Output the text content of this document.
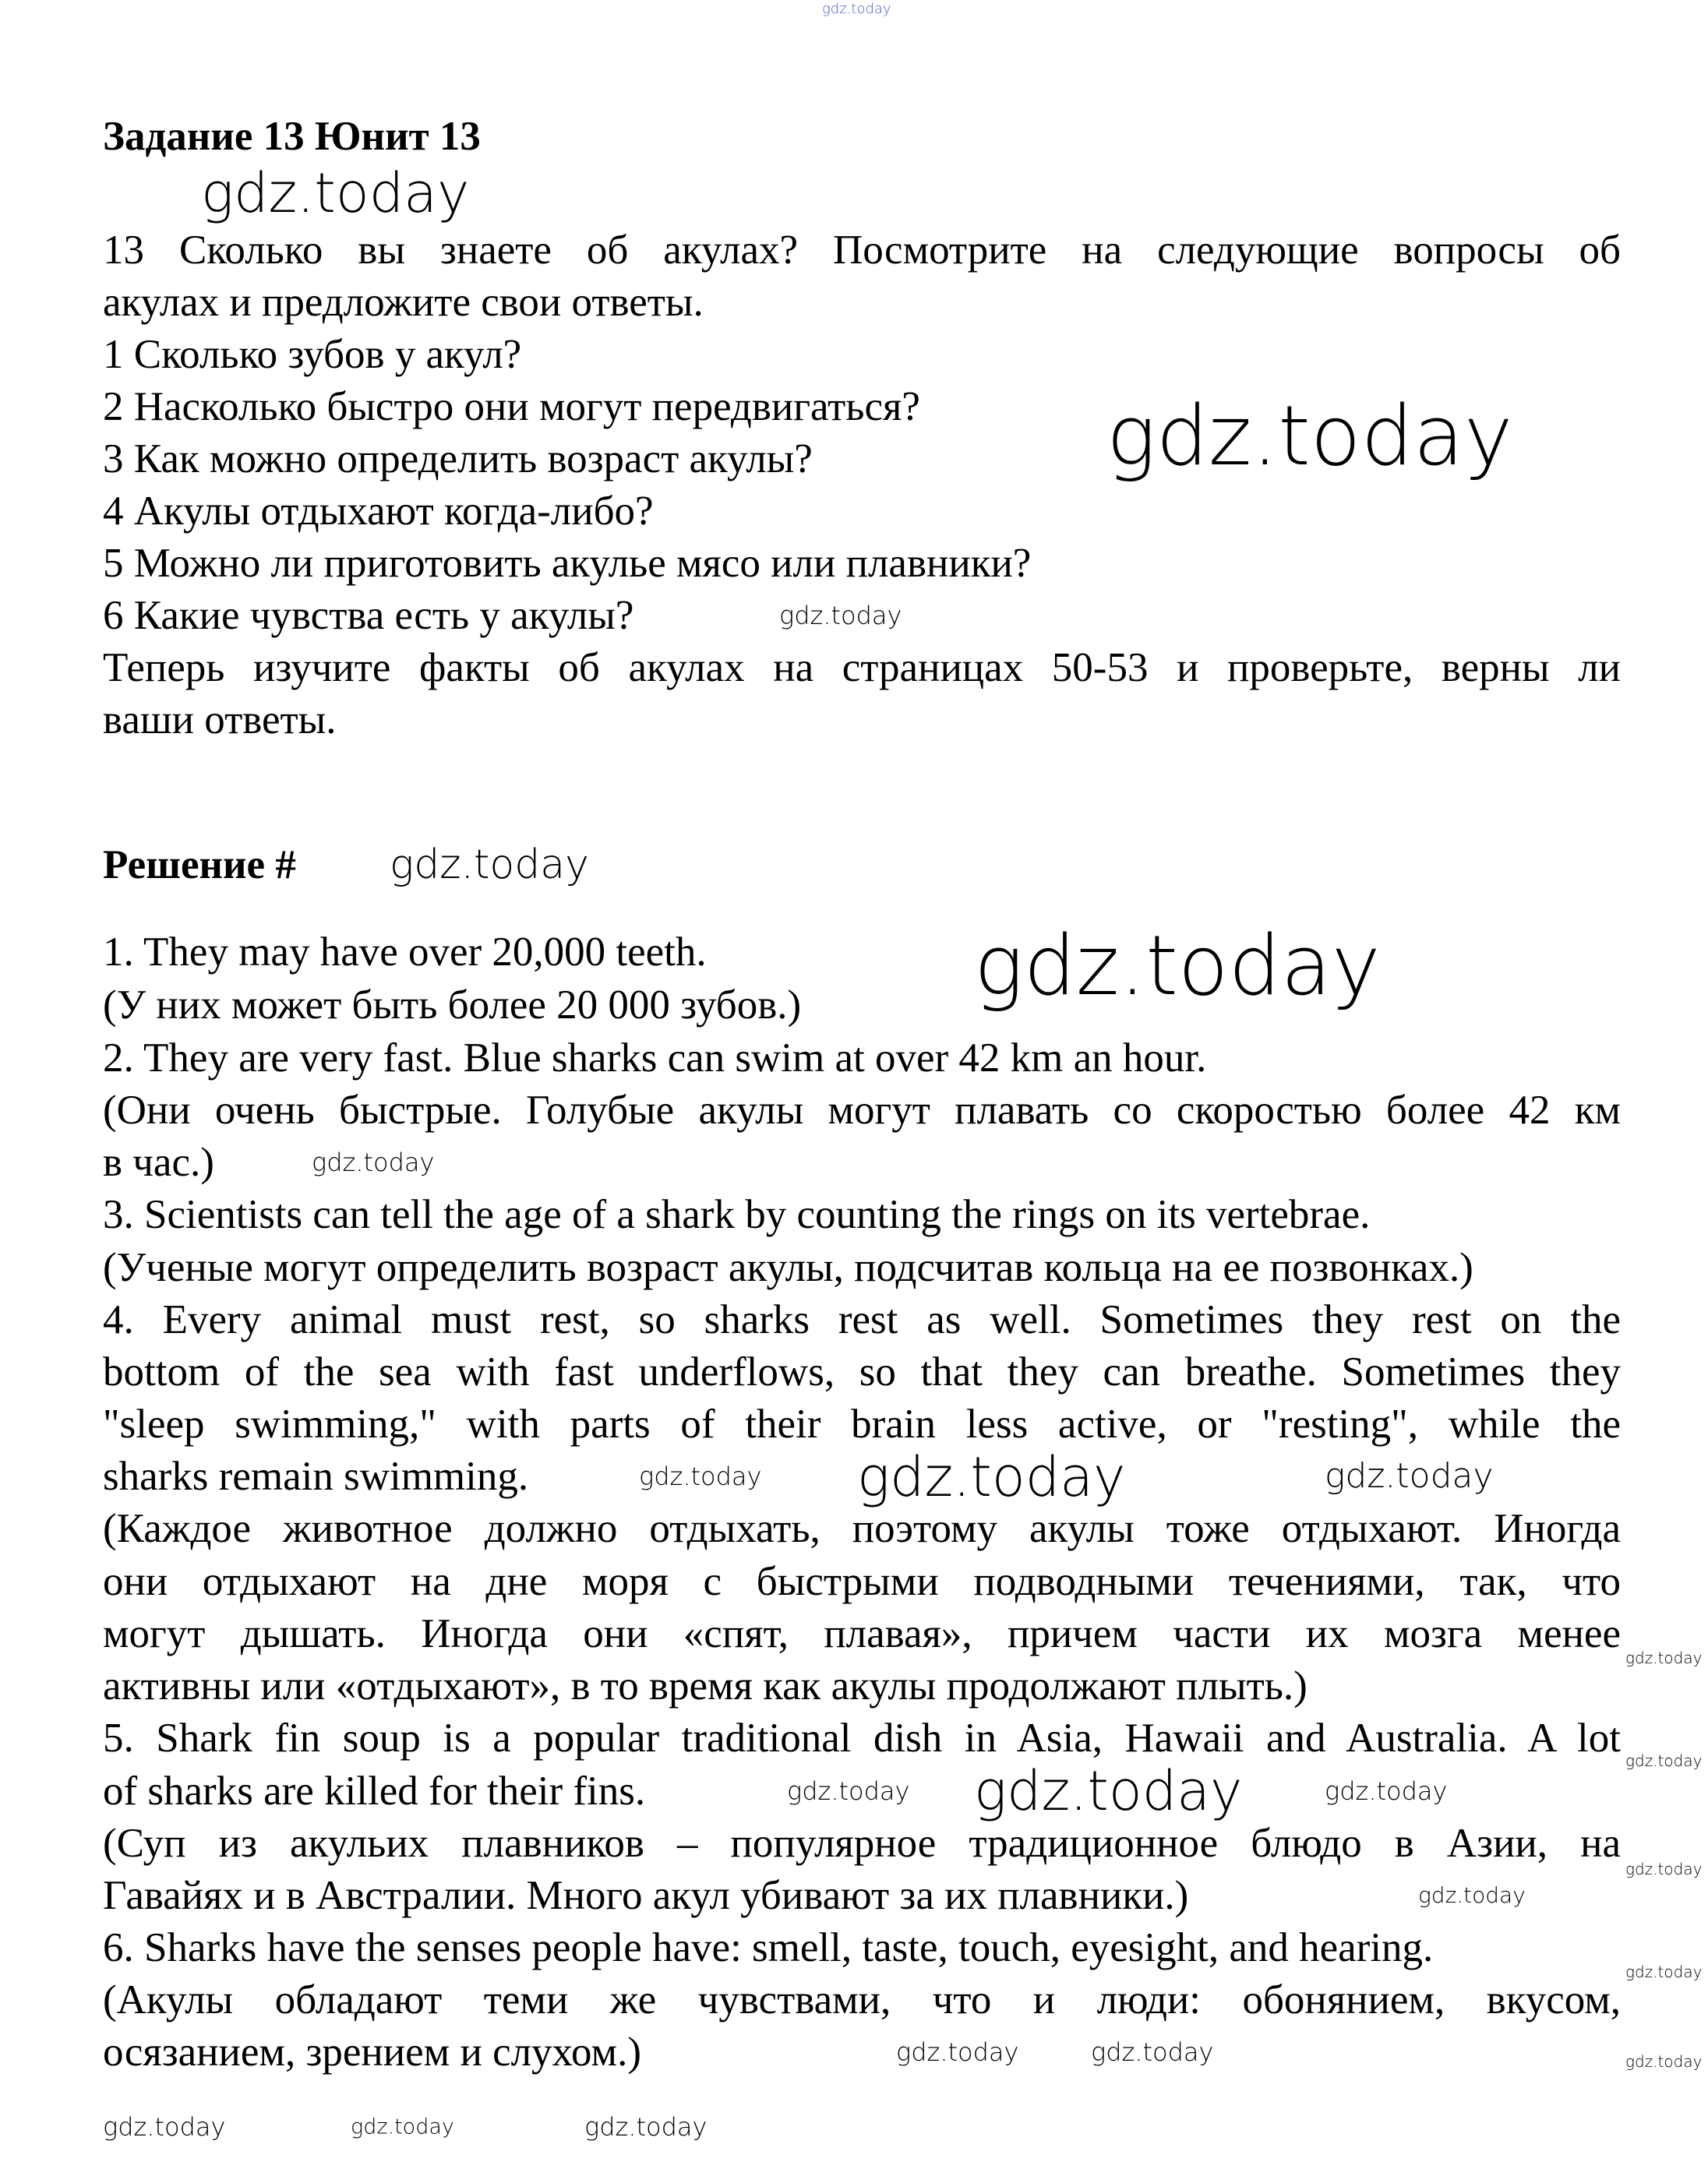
Задание 13 Юнит 13
13 Сколько вы знаете об акулах? Посмотрите на следующие вопросы об
акулах и предложите свои ответы.
1 Сколько зубов у акул?
2 Насколько быстро они могут передвигаться?
3 Как можно определить возраст акулы?
4 Акулы отдыхают когда-либо?
5 Можно ли приготовить акулье мясо или плавники?
6 Какие чувства есть у акулы?
Теперь изучите факты об акулах на страницах 50-53 и проверьте, верны ли
ваши ответы.
Решение #
1. They may have over 20,000 teeth.
(У них может быть более 20 000 зубов.)
2. They are very fast. Blue sharks can swim at over 42 km an hour.
(Они очень быстрые. Голубые акулы могут плавать со скоростью более 42 км
в час.)
3. Scientists can tell the age of a shark by counting the rings on its vertebrae.
(Ученые могут определить возраст акулы, подсчитав кольца на ее позвонках.)
4. Every animal must rest, so sharks rest as well. Sometimes they rest on the
bottom of the sea with fast underflows, so that they can breathe. Sometimes they
"sleep swimming," with parts of their brain less active, or "resting", while the
sharks remain swimming.
(Каждое животное должно отдыхать, поэтому акулы тоже отдыхают. Иногда
они отдыхают на дне моря с быстрыми подводными течениями, так, что
могут дышать. Иногда они «спят, плавая», причем части их мозга менее
активны или «отдыхают», в то время как акулы продолжают плыть.)
5. Shark fin soup is a popular traditional dish in Asia, Hawaii and Australia. A lot
of sharks are killed for their fins.
(Суп из акульих плавников – популярное традиционное блюдо в Азии, на
Гавайях и в Австралии. Много акул убивают за их плавники.)
6. Sharks have the senses people have: smell, taste, touch, eyesight, and hearing.
(Акулы обладают теми же чувствами, что и люди: обонянием, вкусом,
осязанием, зрением и слухом.)
gdz.today
gdz.today
gdz.today
gdz.today
gdz.today
gdz.today
gdz.today
gdz.today	gdz.today
gdz.today
gdz.today	gdz.today	gdz.today
gdz.today
gdz.today
gdz.today
gdz.today	gdz.today
gdz.today
gdz.today
gdz.today	gdz.today
gdz.today
gdz.today
